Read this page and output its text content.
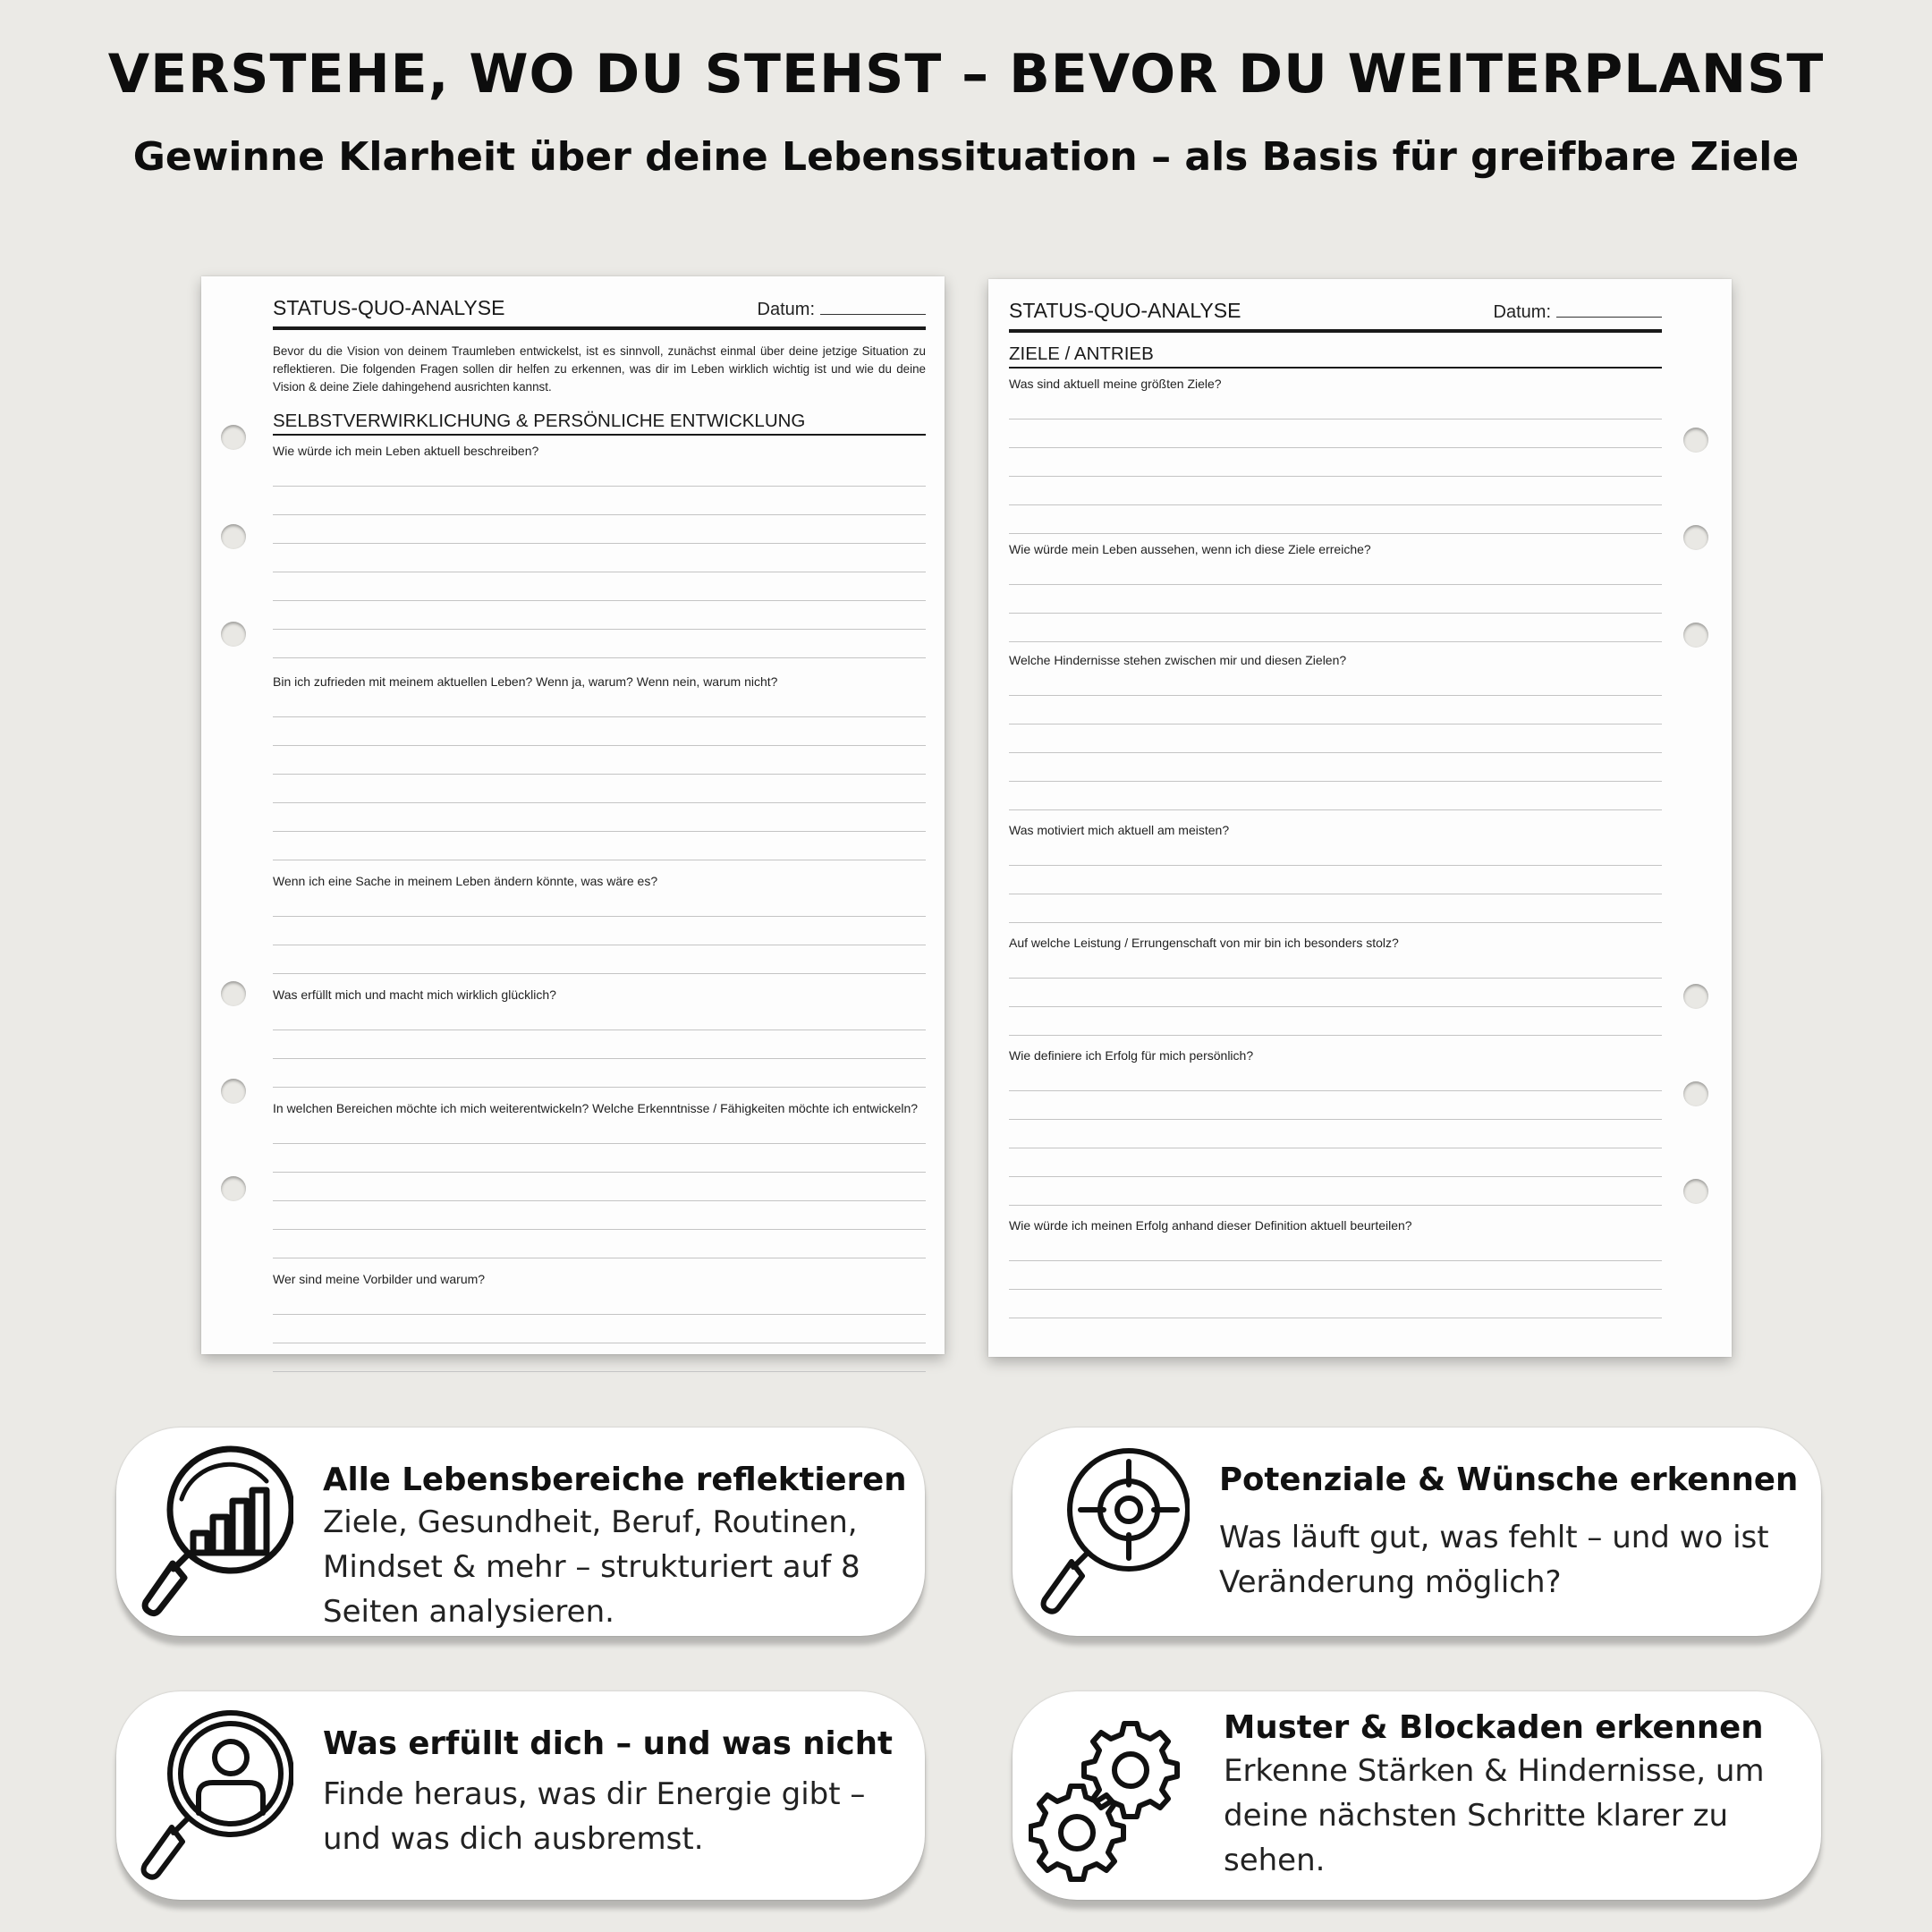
VERSTEHE, WO DU STEHST – BEVOR DU WEITERPLANST
Gewinne Klarheit über deine Lebenssituation – als Basis für greifbare Ziele
STATUS-QUO-ANALYSE	Datum:
Bevor du die Vision von deinem Traumleben entwickelst, ist es sinnvoll, zunächst einmal über deine jetzige Situation zu reflektieren. Die folgenden Fragen sollen dir helfen zu erkennen, was dir im Leben wirklich wichtig ist und wie du deine Vision & deine Ziele dahingehend ausrichten kannst.
SELBSTVERWIRKLICHUNG & PERSÖNLICHE ENTWICKLUNG
Wie würde ich mein Leben aktuell beschreiben?
Bin ich zufrieden mit meinem aktuellen Leben? Wenn ja, warum? Wenn nein, warum nicht?
Wenn ich eine Sache in meinem Leben ändern könnte, was wäre es?
Was erfüllt mich und macht mich wirklich glücklich?
In welchen Bereichen möchte ich mich weiterentwickeln? Welche Erkenntnisse / Fähigkeiten möchte ich entwickeln?
Wer sind meine Vorbilder und warum?
STATUS-QUO-ANALYSE	Datum:
ZIELE / ANTRIEB
Was sind aktuell meine größten Ziele?
Wie würde mein Leben aussehen, wenn ich diese Ziele erreiche?
Welche Hindernisse stehen zwischen mir und diesen Zielen?
Was motiviert mich aktuell am meisten?
Auf welche Leistung / Errungenschaft von mir bin ich besonders stolz?
Wie definiere ich Erfolg für mich persönlich?
Wie würde ich meinen Erfolg anhand dieser Definition aktuell beurteilen?
Alle Lebensbereiche reflektieren
Ziele, Gesundheit, Beruf, Routinen, Mindset & mehr – strukturiert auf 8 Seiten analysieren.
Potenziale & Wünsche erkennen
Was läuft gut, was fehlt – und wo ist Veränderung möglich?
Was erfüllt dich – und was nicht
Finde heraus, was dir Energie gibt – und was dich ausbremst.
Muster & Blockaden erkennen
Erkenne Stärken & Hindernisse, um deine nächsten Schritte klarer zu sehen.
